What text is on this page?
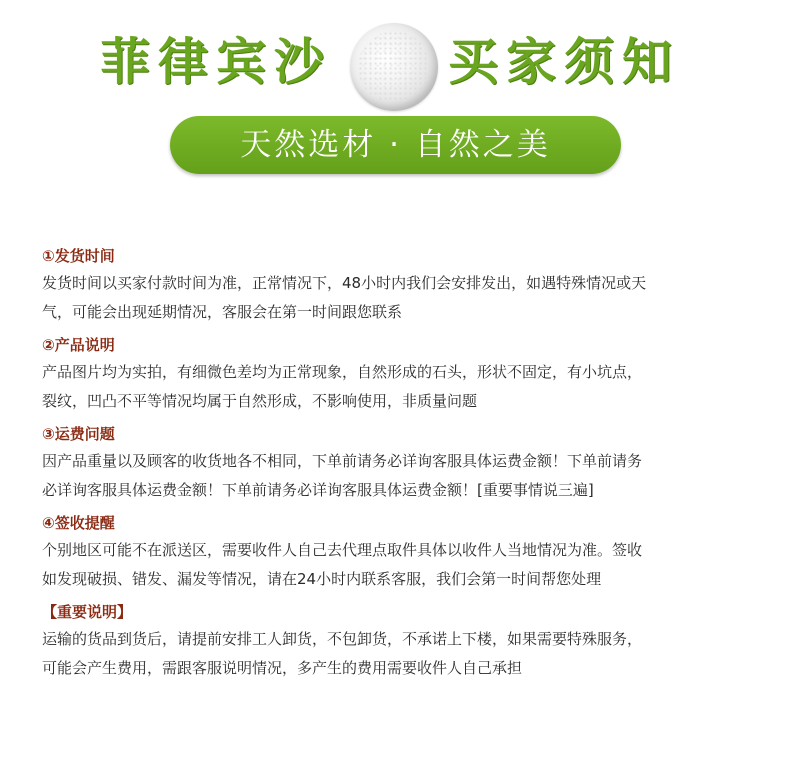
菲律宾沙 买家须知
天然选材 · 自然之美
①发货时间
发货时间以买家付款时间为准，正常情况下，48小时内我们会安排发出，如遇特殊情况或天
气，可能会出现延期情况，客服会在第一时间跟您联系
②产品说明
产品图片均为实拍，有细微色差均为正常现象，自然形成的石头，形状不固定，有小坑点，
裂纹，凹凸不平等情况均属于自然形成，不影响使用，非质量问题
③运费问题
因产品重量以及顾客的收货地各不相同，下单前请务必详询客服具体运费金额！下单前请务
必详询客服具体运费金额！下单前请务必详询客服具体运费金额！[重要事情说三遍]
④签收提醒
个别地区可能不在派送区，需要收件人自己去代理点取件具体以收件人当地情况为准。签收
如发现破损、错发、漏发等情况，请在24小时内联系客服，我们会第一时间帮您处理
【重要说明】
运输的货品到货后，请提前安排工人卸货，不包卸货，不承诺上下楼，如果需要特殊服务，
可能会产生费用，需跟客服说明情况，多产生的费用需要收件人自己承担
